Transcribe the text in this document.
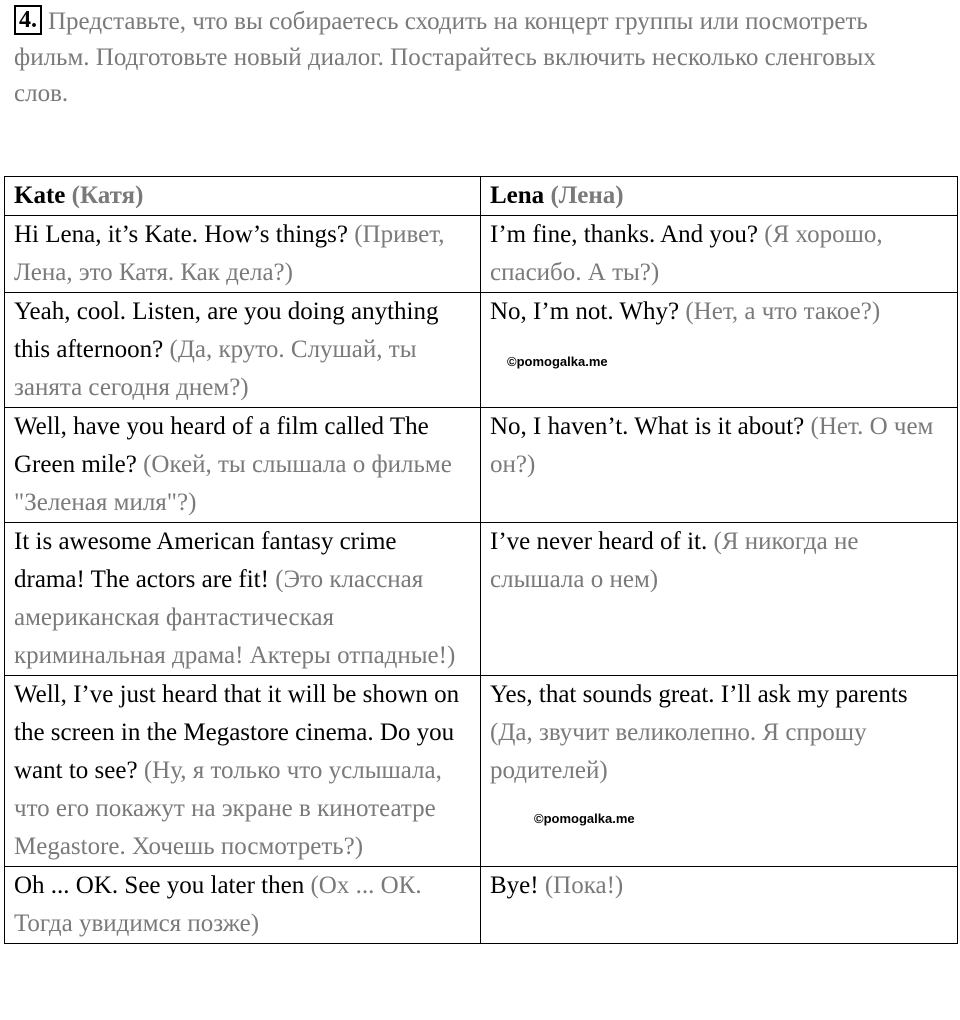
4. Представьте, что вы собираетесь сходить на концерт группы или посмотреть фильм. Подготовьте новый диалог. Постарайтесь включить несколько сленговых слов.
Kate (Катя)	Lena (Лена)
Hi Lena, it’s Kate. How’s things? (Привет, Лена, это Катя. Как дела?)	I’m fine, thanks. And you? (Я хорошо, спасибо. А ты?)
Yeah, cool. Listen, are you doing anything this afternoon? (Да, круто. Слушай, ты занята сегодня днем?)	No, I’m not. Why? (Нет, а что такое?)
©pomogalka.me

Well, have you heard of a film called The Green mile? (Окей, ты слышала о фильме "Зеленая миля"?)	No, I haven’t. What is it about? (Нет. О чем он?)
It is awesome American fantasy crime drama! The actors are fit! (Это классная американская фантастическая криминальная драма! Актеры отпадные!)	I’ve never heard of it. (Я никогда не слышала о нем)
Well, I’ve just heard that it will be shown on the screen in the Megastore cinema. Do you want to see? (Ну, я только что услышала, что его покажут на экране в кинотеатре Megastore. Хочешь посмотреть?)	Yes, that sounds great. I’ll ask my parents (Да, звучит великолепно. Я спрошу родителей)
©pomogalka.me

Oh ... OK. See you later then (Ох ... ОК. Тогда увидимся позже)	Bye! (Пока!)
